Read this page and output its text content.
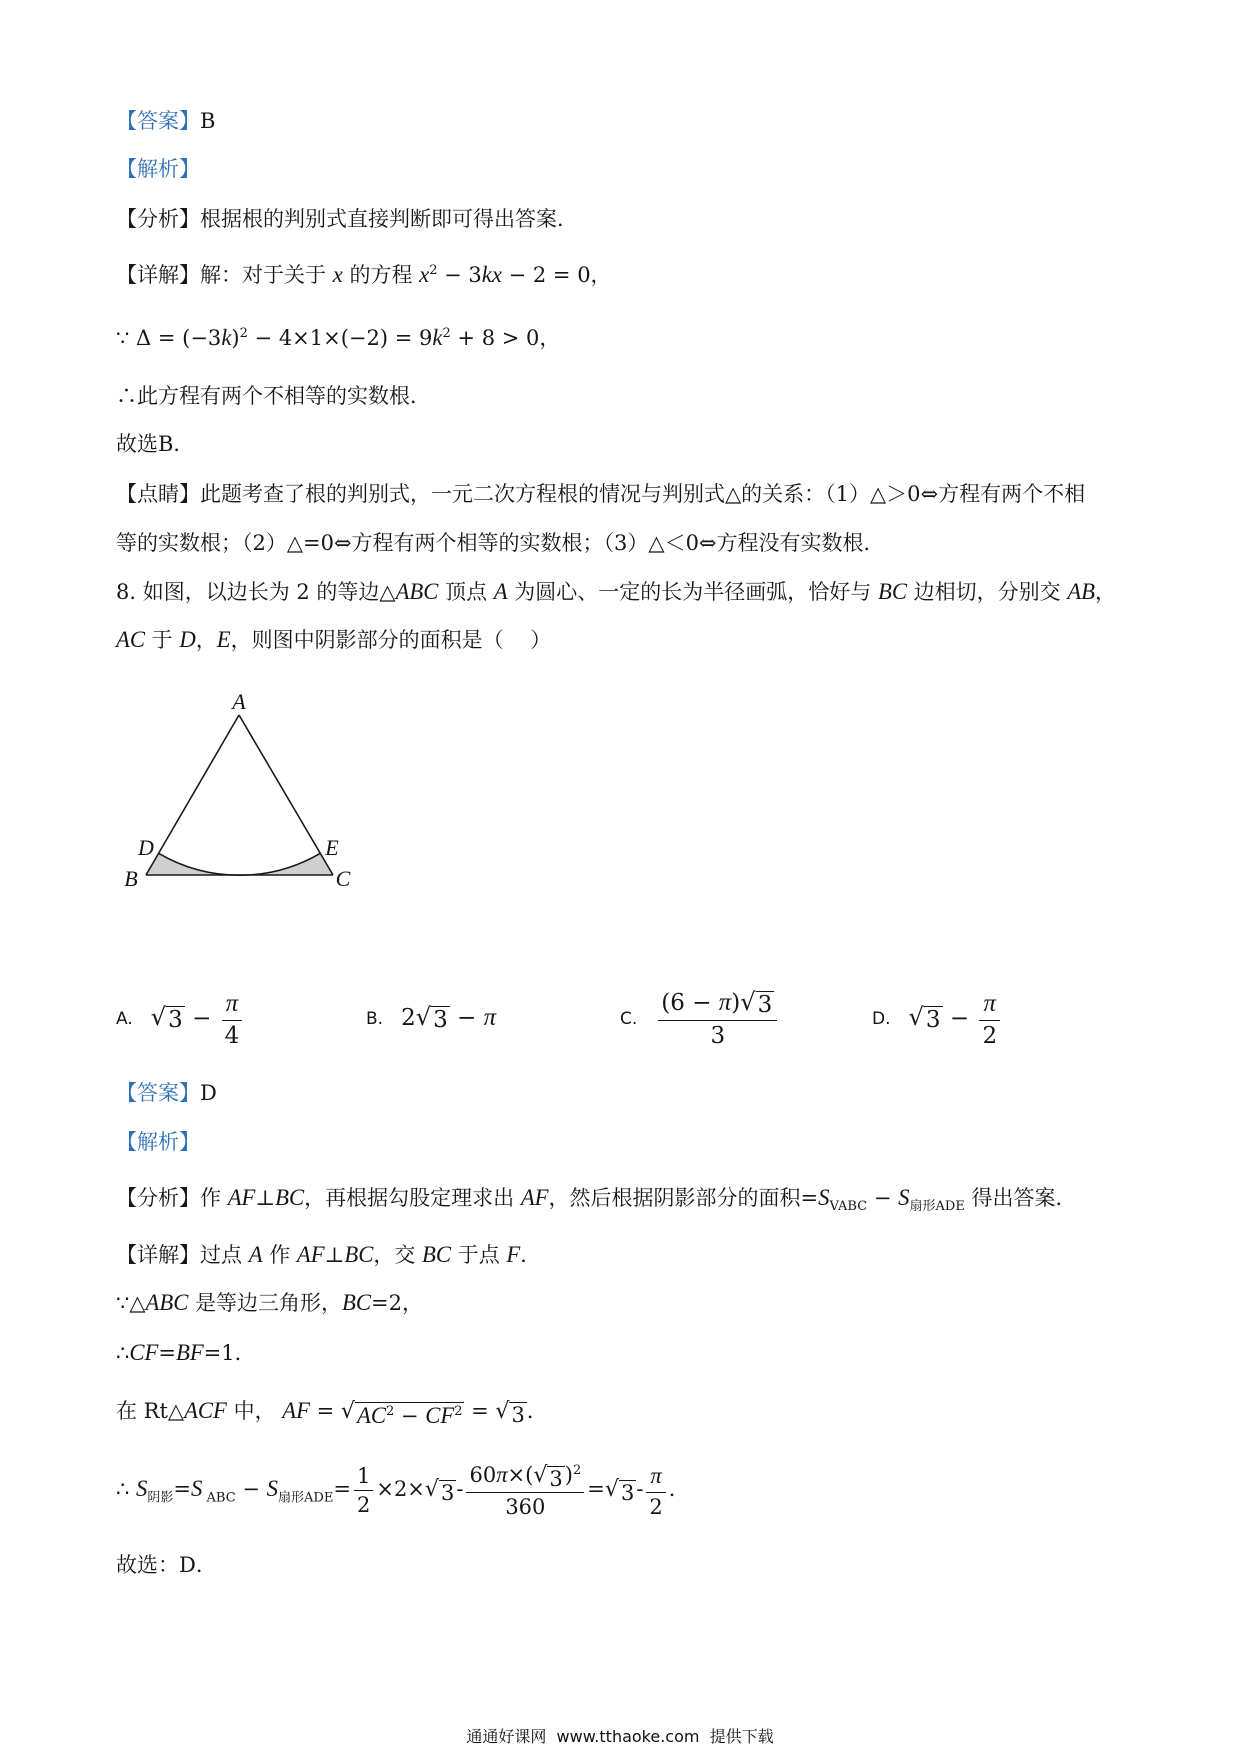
【答案】B
【解析】
【分析】根据根的判别式直接判断即可得出答案．
【详解】解：对于关于 x 的方程 $x^2 - 3kx - 2 = 0$，
∵ $\Delta = (-3k)^2 - 4\times 1\times(-2) = 9k^2 + 8 > 0$，
∴此方程有两个不相等的实数根．
故选B．
【点睛】此题考查了根的判别式，一元二次方程根的情况与判别式△的关系：（1）△＞0⇔方程有两个不相
等的实数根；（2）△=0⇔方程有两个相等的实数根；（3）△＜0⇔方程没有实数根．
8. 如图，以边长为 2 的等边△ABC 顶点 A 为圆心、一定的长为半径画弧，恰好与 BC 边相切，分别交 AB，
AC 于 D，E，则图中阴影部分的面积是（    ）
A
D	E
B	C
A. √ $3 - \frac{\pi}{4}$	B. 2 √ 3 − π	C. $\frac{(6 - \pi) √ 3}{3}$	D. √ $3 - \frac{\pi}{2}$
【答案】D
【解析】
【分析】作 AF⊥BC，再根据勾股定理求出 AF，然后根据阴影部分的面积$=S_{VABC} - S_{扇形ADE}$ 得出答案．
【详解】过点 A 作 AF⊥BC，交 BC 于点 F．
∵△ABC 是等边三角形，BC=2，
∴CF=BF=1．
在 Rt△ACF 中， AF = √ $AC^2 - CF^2$ = √ 3 ．
∴ $S_{阴影}=S$ $_{ABC} - S_{扇形ADE}= \frac{1}{2} \times 2\times$ √ $3 - \frac{60\pi\times( √ 3 )^2}{360}$ = √ $3 - \frac{\pi}{2}$ ．
故选：D．
通通好课网  www.tthaoke.com  提供下载
